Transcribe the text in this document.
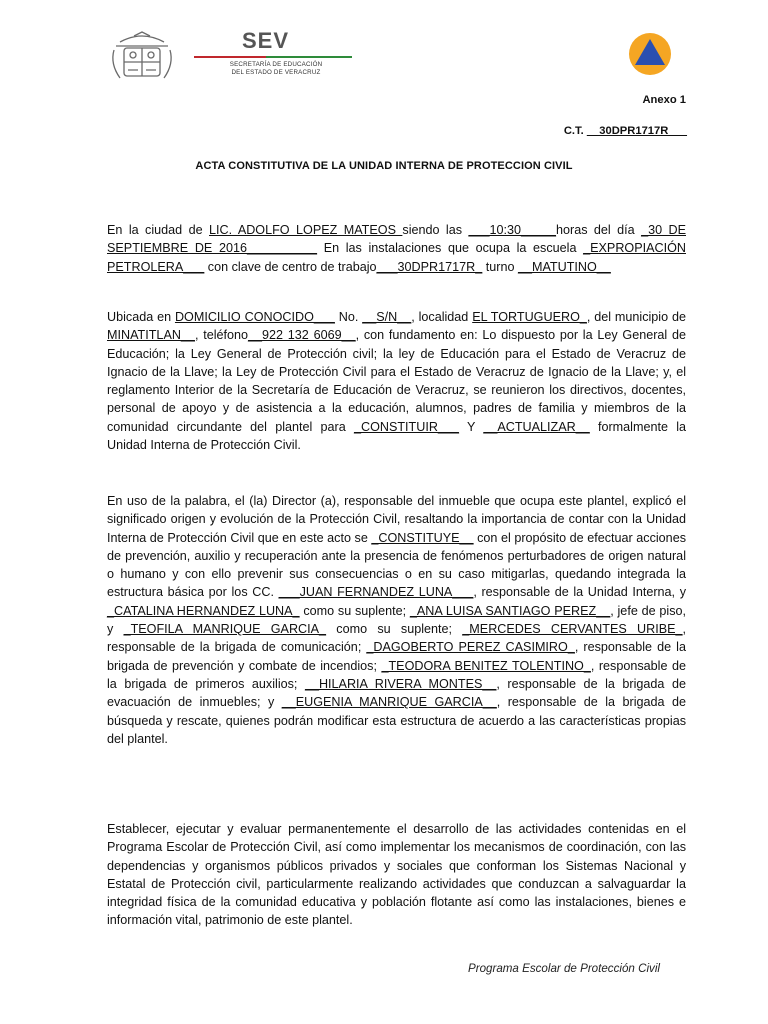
SEV
SECRETARÍA DE EDUCACIÓN
DEL ESTADO DE VERACRUZ
Anexo 1
C.T. __30DPR1717R___
ACTA CONSTITUTIVA DE LA UNIDAD INTERNA DE PROTECCION CIVIL
En la ciudad de LIC. ADOLFO LOPEZ MATEOS siendo las ___10:30_____horas del día _30 DE SEPTIEMBRE DE 2016__________ En las instalaciones que ocupa la escuela _EXPROPIACIÓN PETROLERA___ con clave de centro de trabajo___30DPR1717R_ turno __MATUTINO__
Ubicada en DOMICILIO CONOCIDO___ No. __S/N__, localidad EL TORTUGUERO_, del municipio de MINATITLAN__, teléfono__922 132 6069__, con fundamento en: Lo dispuesto por la Ley General de Educación; la Ley General de Protección civil; la ley de Educación para el Estado de Veracruz de Ignacio de la Llave; la Ley de Protección Civil para el Estado de Veracruz de Ignacio de la Llave; y, el reglamento Interior de la Secretaría de Educación de Veracruz, se reunieron los directivos, docentes, personal de apoyo y de asistencia a la educación, alumnos, padres de familia y miembros de la comunidad circundante del plantel para _CONSTITUIR___ Y __ACTUALIZAR__ formalmente la Unidad Interna de Protección Civil.
En uso de la palabra, el (la) Director (a), responsable del inmueble que ocupa este plantel, explicó el significado origen y evolución de la Protección Civil, resaltando la importancia de contar con la Unidad Interna de Protección Civil que en este acto se _CONSTITUYE__ con el propósito de efectuar acciones de prevención, auxilio y recuperación ante la presencia de fenómenos perturbadores de origen natural o humano y con ello prevenir sus consecuencias o en su caso mitigarlas, quedando integrada la estructura básica por los CC. ___JUAN FERNANDEZ LUNA___, responsable de la Unidad Interna, y _CATALINA HERNANDEZ LUNA_ como su suplente; _ANA LUISA SANTIAGO PEREZ__, jefe de piso, y _TEOFILA MANRIQUE GARCIA_ como su suplente; _MERCEDES CERVANTES URIBE_, responsable de la brigada de comunicación; _DAGOBERTO PEREZ CASIMIRO_, responsable de la brigada de prevención y combate de incendios; _TEODORA BENITEZ TOLENTINO_, responsable de la brigada de primeros auxilios; __HILARIA RIVERA MONTES__, responsable de la brigada de evacuación de inmuebles; y __EUGENIA MANRIQUE GARCIA__, responsable de la brigada de búsqueda y rescate, quienes podrán modificar esta estructura de acuerdo a las características propias del plantel.
Establecer, ejecutar y evaluar permanentemente el desarrollo de las actividades contenidas en el Programa Escolar de Protección Civil, así como implementar los mecanismos de coordinación, con las dependencias y organismos públicos privados y sociales que conforman los Sistemas Nacional y Estatal de Protección civil, particularmente realizando actividades que conduzcan a salvaguardar la integridad física de la comunidad educativa y población flotante así como las instalaciones, bienes e información vital, patrimonio de este plantel.
Programa Escolar de Protección Civil
